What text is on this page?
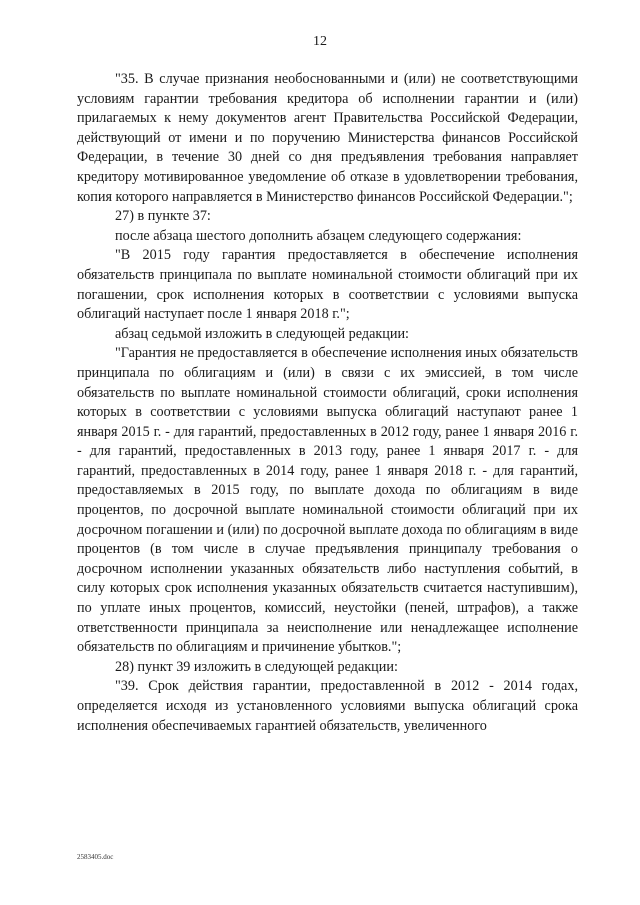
12

"35. В случае признания необоснованными и (или) не соответствующими условиям гарантии требования кредитора об исполнении гарантии и (или) прилагаемых к нему документов агент Правительства Российской Федерации, действующий от имени и по поручению Министерства финансов Российской Федерации, в течение 30 дней со дня предъявления требования направляет кредитору мотивированное уведомление об отказе в удовлетворении требования, копия которого направляется в Министерство финансов Российской Федерации.";

27) в пункте 37:

после абзаца шестого дополнить абзацем следующего содержания:

"В 2015 году гарантия предоставляется в обеспечение исполнения обязательств принципала по выплате номинальной стоимости облигаций при их погашении, срок исполнения которых в соответствии с условиями выпуска облигаций наступает после 1 января 2018 г.";

абзац седьмой изложить в следующей редакции:

"Гарантия не предоставляется в обеспечение исполнения иных обязательств принципала по облигациям и (или) в связи с их эмиссией, в том числе обязательств по выплате номинальной стоимости облигаций, сроки исполнения которых в соответствии с условиями выпуска облигаций наступают ранее 1 января 2015 г. - для гарантий, предоставленных в 2012 году, ранее 1 января 2016 г. - для гарантий, предоставленных в 2013 году, ранее 1 января 2017 г. - для гарантий, предоставленных в 2014 году, ранее 1 января 2018 г. - для гарантий, предоставляемых в 2015 году, по выплате дохода по облигациям в виде процентов, по досрочной выплате номинальной стоимости облигаций при их досрочном погашении и (или) по досрочной выплате дохода по облигациям в виде процентов (в том числе в случае предъявления принципалу требования о досрочном исполнении указанных обязательств либо наступления событий, в силу которых срок исполнения указанных обязательств считается наступившим), по уплате иных процентов, комиссий, неустойки (пеней, штрафов), а также ответственности принципала за неисполнение или ненадлежащее исполнение обязательств по облигациям и причинение убытков.";

28) пункт 39 изложить в следующей редакции:

"39. Срок действия гарантии, предоставленной в 2012 - 2014 годах, определяется исходя из установленного условиями выпуска облигаций срока исполнения обеспечиваемых гарантией обязательств, увеличенного

2583405.doc
